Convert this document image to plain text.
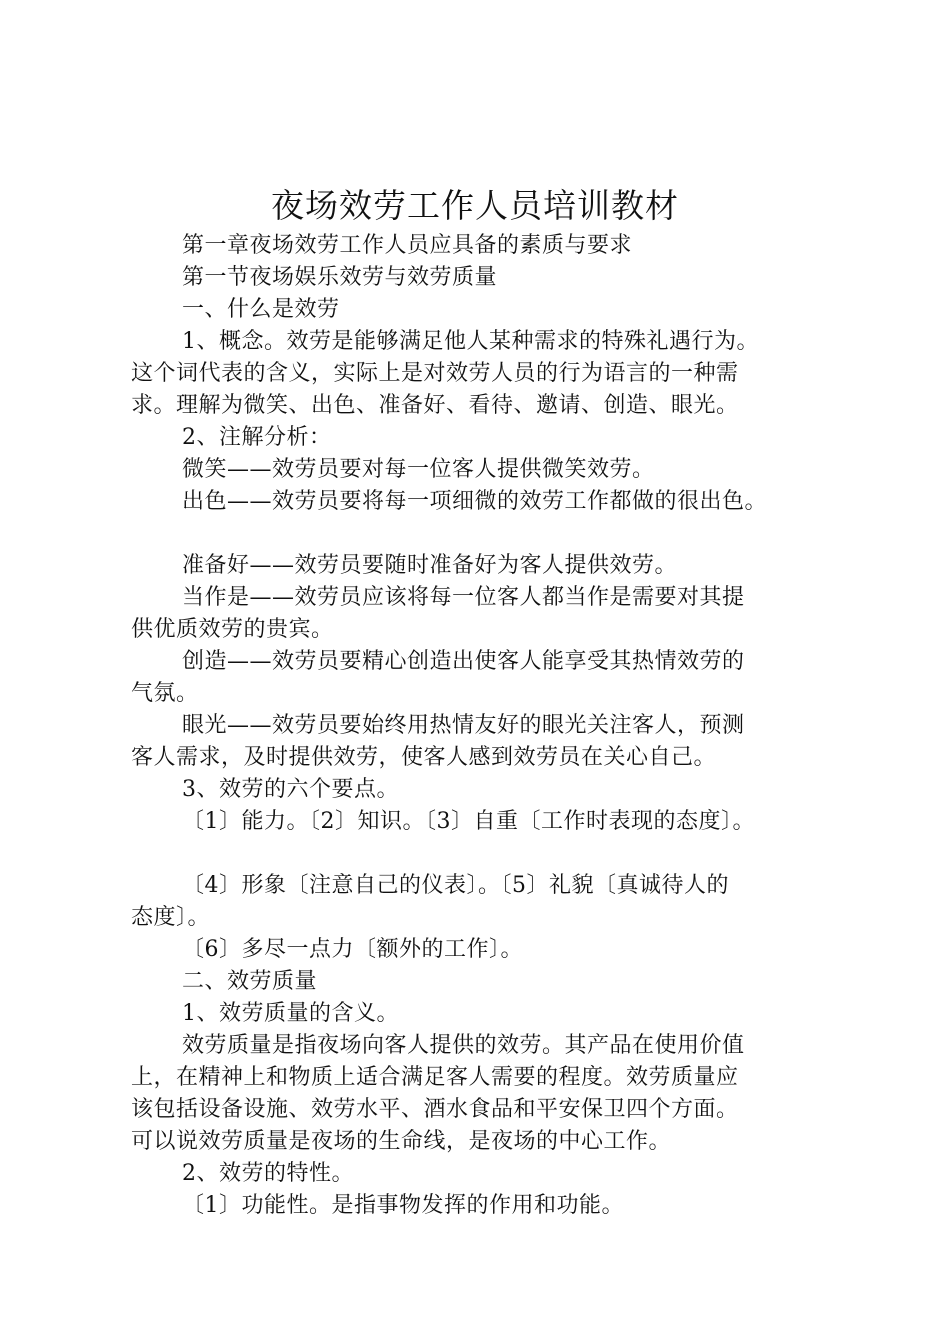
夜场效劳工作人员培训教材

第一章夜场效劳工作人员应具备的素质与要求

第一节夜场娱乐效劳与效劳质量

一、什么是效劳

1、概念。效劳是能够满足他人某种需求的特殊礼遇行为。

这个词代表的含义，实际上是对效劳人员的行为语言的一种需

求。理解为微笑、出色、准备好、看待、邀请、创造、眼光。

2、注解分析：

微笑——效劳员要对每一位客人提供微笑效劳。

出色——效劳员要将每一项细微的效劳工作都做的很出色。

准备好——效劳员要随时准备好为客人提供效劳。

当作是——效劳员应该将每一位客人都当作是需要对其提

供优质效劳的贵宾。

创造——效劳员要精心创造出使客人能享受其热情效劳的

气氛。

眼光——效劳员要始终用热情友好的眼光关注客人，预测

客人需求，及时提供效劳，使客人感到效劳员在关心自己。

3、效劳的六个要点。

〔1〕能力。〔2〕知识。〔3〕自重〔工作时表现的态度〕。

〔4〕形象〔注意自己的仪表〕。〔5〕礼貌〔真诚待人的

态度〕。

〔6〕多尽一点力〔额外的工作〕。

二、效劳质量

1、效劳质量的含义。

效劳质量是指夜场向客人提供的效劳。其产品在使用价值

上，在精神上和物质上适合满足客人需要的程度。效劳质量应

该包括设备设施、效劳水平、酒水食品和平安保卫四个方面。

可以说效劳质量是夜场的生命线，是夜场的中心工作。

2、效劳的特性。

〔1〕功能性。是指事物发挥的作用和功能。
